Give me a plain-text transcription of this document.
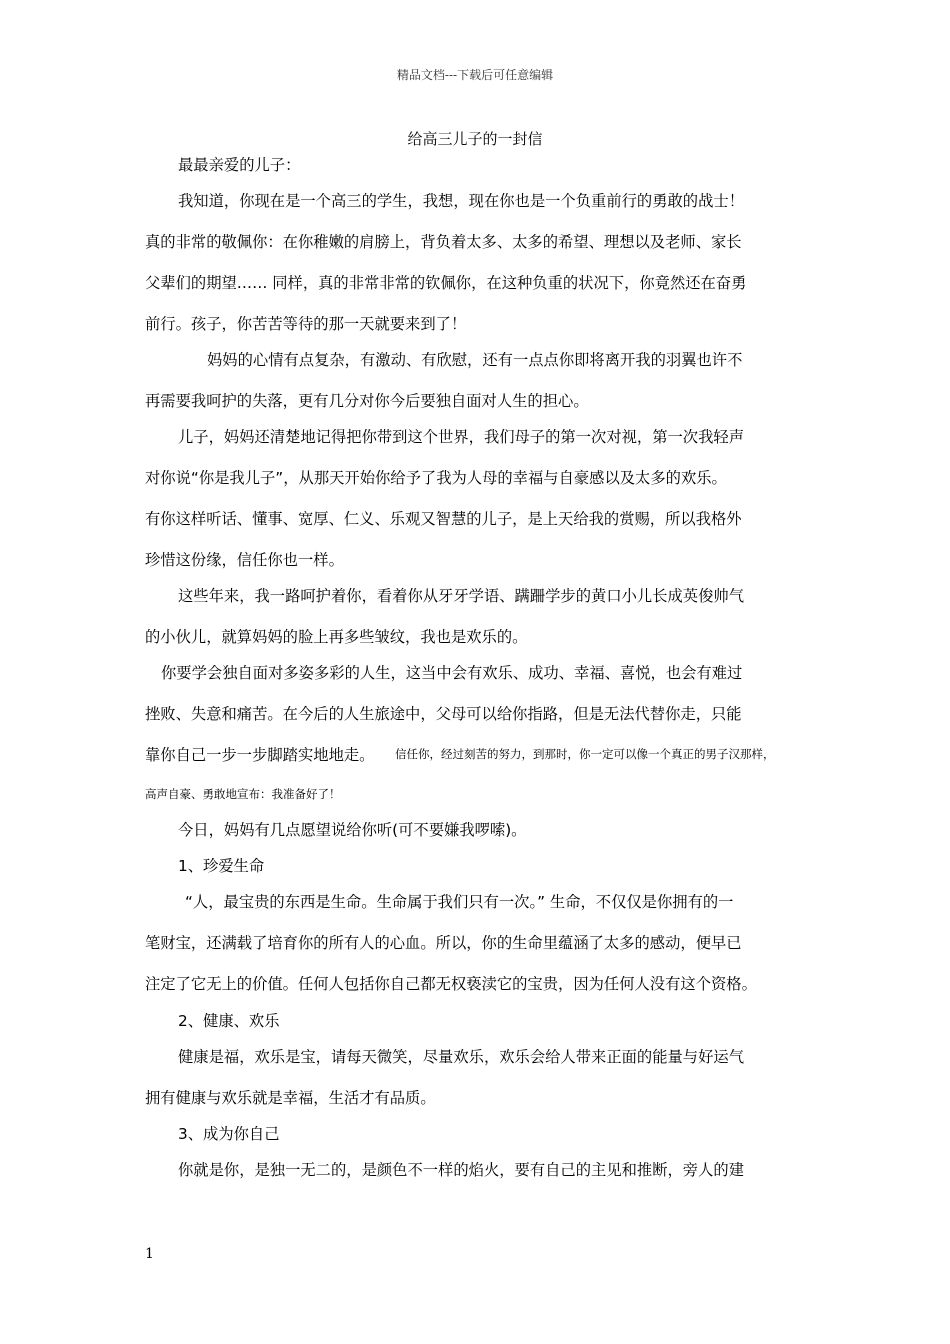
精品文档---下载后可任意编辑
给高三儿子的一封信
最最亲爱的儿子：
我知道，你现在是一个高三的学生，我想，现在你也是一个负重前行的勇敢的战士！
真的非常的敬佩你：在你稚嫩的肩膀上，背负着太多、太多的希望、理想以及老师、家长
父辈们的期望…… 同样，真的非常非常的钦佩你，在这种负重的状况下，你竟然还在奋勇
前行。孩子，你苦苦等待的那一天就要来到了！
妈妈的心情有点复杂，有激动、有欣慰，还有一点点你即将离开我的羽翼也许不
再需要我呵护的失落，更有几分对你今后要独自面对人生的担心。
儿子，妈妈还清楚地记得把你带到这个世界，我们母子的第一次对视，第一次我轻声
对你说“你是我儿子”，从那天开始你给予了我为人母的幸福与自豪感以及太多的欢乐。
有你这样听话、懂事、宽厚、仁义、乐观又智慧的儿子，是上天给我的赏赐，所以我格外
珍惜这份缘，信任你也一样。
这些年来，我一路呵护着你，看着你从牙牙学语、蹒跚学步的黄口小儿长成英俊帅气
的小伙儿，就算妈妈的脸上再多些皱纹，我也是欢乐的。
你要学会独自面对多姿多彩的人生，这当中会有欢乐、成功、幸福、喜悦，也会有难过
挫败、失意和痛苦。在今后的人生旅途中，父母可以给你指路，但是无法代替你走，只能
靠你自己一步一步脚踏实地地走。 信任你，经过刻苦的努力，到那时，你一定可以像一个真正的男子汉那样，
高声自豪、勇敢地宣布：我准备好了！
今日，妈妈有几点愿望说给你听(可不要嫌我啰嗦)。
1、珍爱生命
“人，最宝贵的东西是生命。生命属于我们只有一次。” 生命，不仅仅是你拥有的一
笔财宝，还满载了培育你的所有人的心血。所以，你的生命里蕴涵了太多的感动，便早已
注定了它无上的价值。任何人包括你自己都无权亵渎它的宝贵，因为任何人没有这个资格。
2、健康、欢乐
健康是福，欢乐是宝，请每天微笑，尽量欢乐，欢乐会给人带来正面的能量与好运气
拥有健康与欢乐就是幸福，生活才有品质。
3、成为你自己
你就是你，是独一无二的，是颜色不一样的焰火，要有自己的主见和推断，旁人的建
1
